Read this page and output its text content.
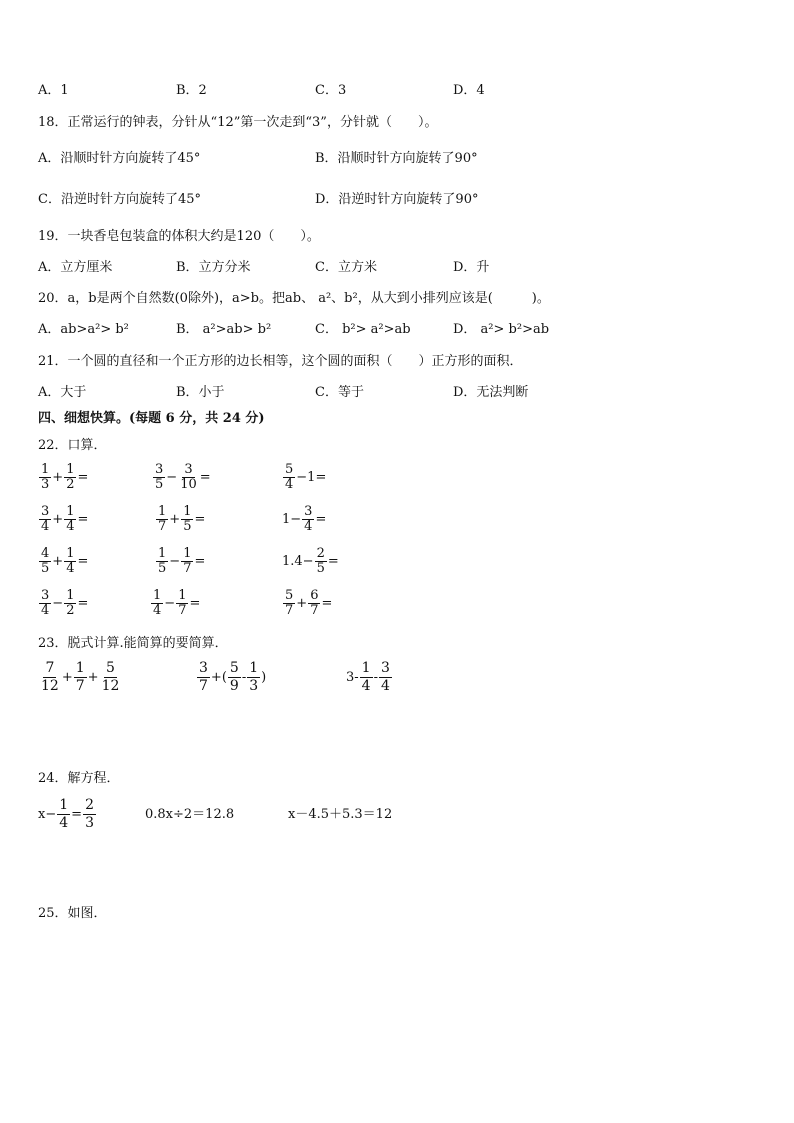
A．1	B．2	C．3	D．4
18．正常运行的钟表，分针从“12”第一次走到“3”，分针就（　　）。
A．沿顺时针方向旋转了45°	B．沿顺时针方向旋转了90°
C．沿逆时针方向旋转了45°	D．沿逆时针方向旋转了90°
19．一块香皂包装盒的体积大约是120（　　）。
A．立方厘米	B．立方分米	C．立方米	D．升
20．a，b是两个自然数(0除外)，a>b。把ab、 a²、b²，从大到小排列应该是(　　　)。
A．ab>a²> b²	B． a²>ab> b²	C． b²> a²>ab	D． a²> b²>ab
21．一个圆的直径和一个正方形的边长相等，这个圆的面积（　　）正方形的面积．
A．大于	B．小于	C．等于	D．无法判断
四、细想快算。(每题 6 分，共 24 分)
22．口算．
$\frac{1}{3} + \frac{1}{2}$ =	$\frac{3}{5} - \frac{3}{10}$ =	$\frac{5}{4} -1=$
$\frac{3}{4} + \frac{1}{4}$ =	$\frac{1}{7} + \frac{1}{5}$ =	$1- \frac{3}{4}$ =
$\frac{4}{5} + \frac{1}{4}$ =	$\frac{1}{5} - \frac{1}{7}$ =	$1.4- \frac{2}{5}$ =
$\frac{3}{4} - \frac{1}{2}$ =	$\frac{1}{4} - \frac{1}{7}$ =	$\frac{5}{7} + \frac{6}{7}$ =
23．脱式计算.能简算的要简算．
$\frac{7}{12} + \frac{1}{7} + \frac{5}{12}$	$\frac{3}{7}$ +( $\frac{5}{9} - \frac{1}{3}$ )	$3- \frac{1}{4} - \frac{3}{4}$
24．解方程．
$x- \frac{1}{4} = \frac{2}{3}$	0.8x÷2＝12.8	x－4.5＋5.3＝12
25．如图．
